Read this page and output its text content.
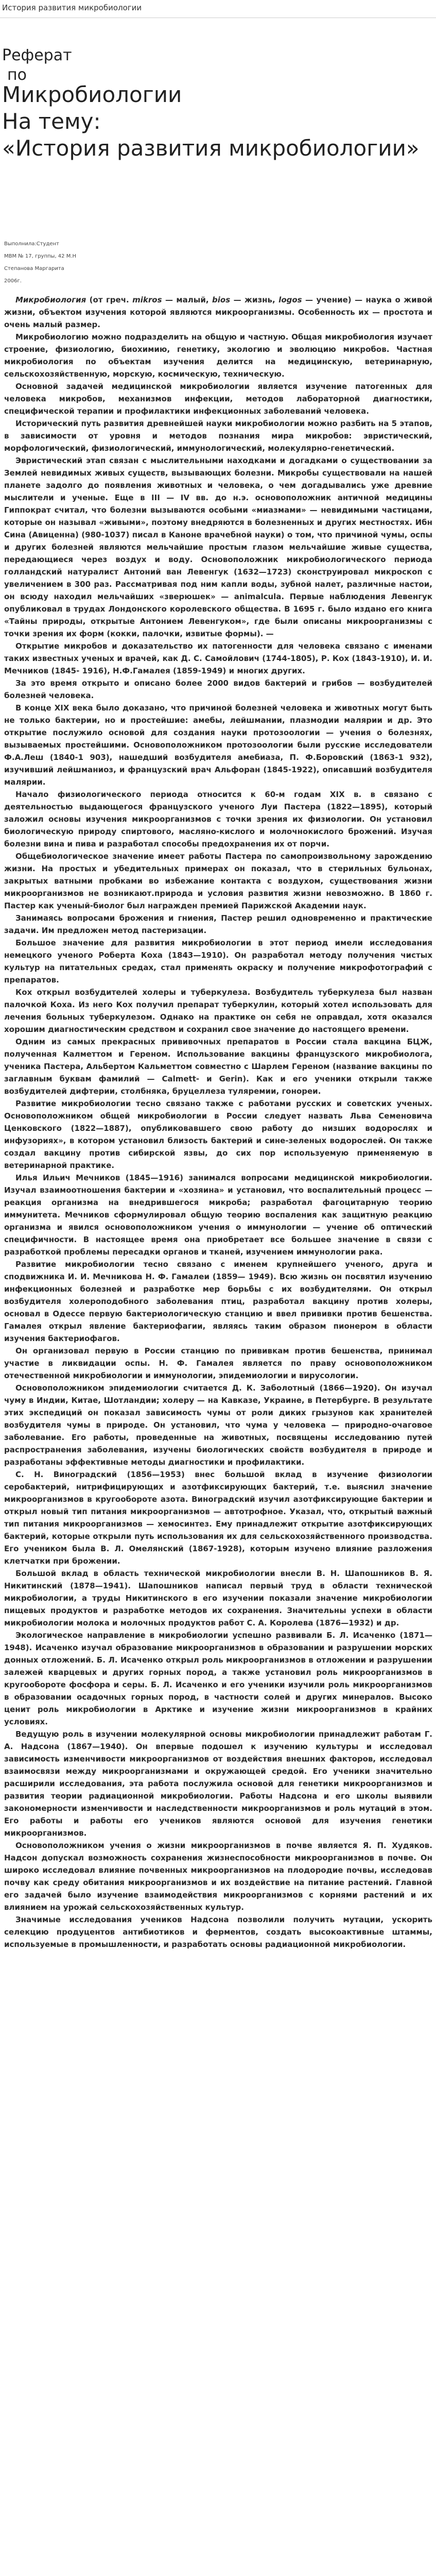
История развития микробиологии
Реферат
по
Микробиологии
На тему:
«История развития микробиологии»
Выполнила:Студент
МВМ № 17, группы, 42 М.Н
Степанова Маргарита
2006г.

Микробиология (от греч. mikros — малый, bios — жизнь, logos — учение) — наука о живой жизни, объектом изучения которой являются микроорганизмы. Особенность их — простота и очень малый размер.

Микробиологию можно подразделить на общую и частную. Общая микробиология изучает строение, физиологию, биохимию, генетику, экологию и эволюцию микробов. Частная микробиология по объектам изучения делится на медицинскую, ветеринарную, сельскохозяйственную, морскую, космическую, техническую.

Основной задачей медицинской микробиологии является изучение патогенных для человека микробов, механизмов инфекции, методов лабораторной диагностики, специфической терапии и профилактики инфекционных заболеваний человека.

Исторический путь развития древнейшей науки микробиологии можно разбить на 5 этапов, в зависимости от уровня и методов познания мира микробов: эвристический, морфологический, физиологический, иммунологический, молекулярно-генетический.

Эвристический этап связан с мыслительными находками и догадками о существовании за Землей невидимых живых существ, вызывающих болезни. Микробы существовали на нашей планете задолго до появления животных и человека, о чем догадывались уже древние мыслители и ученые. Еще в III — IV вв. до н.э. основоположник античной медицины Гиппократ считал, что болезни вызываются особыми «миазмами» — невидимыми частицами, которые он называл «живыми», поэтому внедряются в болезненных и других местностях. Ибн Сина (Авиценна) (980-1037) писал в Каноне врачебной науки) о том, что причиной чумы, оспы и других болезней являются мельчайшие простым глазом мельчайшие живые существа, передающиеся через воздух и воду. Основоположник микробиологического периода голландский натуралист Антоний ван Левенгук (1632—1723) сконструировал микроскоп с увеличением в 300 раз. Рассматривая под ним капли воды, зубной налет, различные настои, он всюду находил мельчайших «зверюшек» — animalcula. Первые наблюдения Левенгук опубликовал в трудах Лондонского королевского общества. В 1695 г. было издано его книга «Тайны природы, открытые Антонием Левенгуком», где были описаны микроорганизмы с точки зрения их форм (кокки, палочки, извитые формы). —

Открытие микробов и доказательство их патогенности для человека связано с именами таких известных ученых и врачей, как Д. С. Самойлович (1744-1805), Р. Кох (1843-1910), И. И. Мечников (1845- 1916), Н.Ф.Гамалея (1859-1949) и многих других.

За это время открыто и описано более 2000 видов бактерий и грибов — возбудителей болезней человека.

В конце XIX века было доказано, что причиной болезней человека и животных могут быть не только бактерии, но и простейшие: амебы, лейшмании, плазмодии малярии и др. Это открытие послужило основой для создания науки протозоологии — учения о болезнях, вызываемых простейшими. Основоположником протозоологии были русские исследователи Ф.А.Леш (1840-1 903), нашедший возбудителя амебиаза, П. Ф.Боровский (1863-1 932), изучивший лейшманиоз, и французский врач Альфоран (1845-1922), описавший возбудителя малярии.

Начало физиологического периода относится к 60-м годам XIX в. в связано с деятельностью выдающегося французского ученого Луи Пастера (1822—1895), который заложил основы изучения микроорганизмов с точки зрения их физиологии. Он установил биологическую природу спиртового, масляно-кислого и молочнокислого брожений. Изучая болезни вина и пива и разработал способы предохранения их от порчи.

Общебиологическое значение имеет работы Пастера по самопроизвольному зарождению жизни. На простых и убедительных примерах он показал, что в стерильных бульонах, закрытых ватными пробками во избежание контакта с воздухом, существования жизни микроорганизмов не возникают.природа и условия развития жизни невозможно. В 1860 г. Пастер как ученый-биолог был награжден премией Парижской Академии наук.

Занимаясь вопросами брожения и гниения, Пастер решил одновременно и практические задачи. Им предложен метод пастеризации.

Большое значение для развития микробиологии в этот период имели исследования немецкого ученого Роберта Коха (1843—1910). Он разработал методу получения чистых культур на питательных средах, стал применять окраску и получение микрофотографий с препаратов.

Кох открыл возбудителей холеры и туберкулеза. Возбудитель туберкулеза был назван палочкой Коха. Из него Кох получил препарат туберкулин, который хотел использовать для лечения больных туберкулезом. Однако на практике он себя не оправдал, хотя оказался хорошим диагностическим средством и сохранил свое значение до настоящего времени.

Одним из самых прекрасных прививочных препаратов в России стала вакцина БЦЖ, полученная Калметтом и Гереном. Использование вакцины французского микробиолога, ученика Пастера, Альбертом Кальметтом совместно с Шарлем Гереном (название вакцины по заглавным буквам фамилий — Calmett- и Gerin). Как и его ученики открыли также возбудителей дифтерии, столбняка, бруцеллеза туляремии, гонореи.

Развитие микробиологии тесно связано также с работами русских и советских ученых. Основоположником общей микробиологии в России следует назвать Льва Семеновича Ценковского (1822—1887), опубликовавшего свою работу до низших водорослях и инфузориях», в котором установил близость бактерий и сине-зеленых водорослей. Он также создал вакцину против сибирской язвы, до сих пор используемую применяемую в ветеринарной практике.

Илья Ильич Мечников (1845—1916) занимался вопросами медицинской микробиологии. Изучал взаимоотношения бактерии и «хозяина» и установил, что воспалительный процесс — реакция организма на внедрившегося микроба; разработал фагоцитарную теорию иммунитета. Мечников сформулировал общую теорию воспаления как защитную реакцию организма и явился основоположником учения о иммунологии — учение об оптический специфичности. В настоящее время она приобретает все большее значение в связи с разработкой проблемы пересадки органов и тканей, изучением иммунологии рака.

Развитие микробиологии тесно связано с именем крупнейшего ученого, друга и сподвижника И. И. Мечникова Н. Ф. Гамалеи (1859— 1949). Всю жизнь он посвятил изучению инфекционных болезней и разработке мер борьбы с их возбудителями. Он открыл возбудителя холероподобного заболевания птиц, разработал вакцину против холеры, основал в Одессе первую бактериологическую станцию и ввел прививки против бешенства. Гамалея открыл явление бактериофагии, являясь таким образом пионером в области изучения бактериофагов.

Он организовал первую в России станцию по прививкам против бешенства, принимал участие в ликвидации оспы. Н. Ф. Гамалея является по праву основоположником отечественной микробиологии и иммунологии, эпидемиологии и вирусологии.

Основоположником эпидемиологии считается Д. К. Заболотный (1866—1920). Он изучал чуму в Индии, Китае, Шотландии; холеру — на Кавказе, Украине, в Петербурге. В результате этих экспедиций он показал зависимость чумы от роли диких грызунов как хранителей возбудителя чумы в природе. Он установил, что чума у человека — природно-очаговое заболевание. Его работы, проведенные на животных, посвящены исследованию путей распространения заболевания, изучены биологических свойств возбудителя в природе и разработаны эффективные методы диагностики и профилактики.

С. Н. Виноградский (1856—1953) внес большой вклад в изучение физиологии серобактерий, нитрифицирующих и азотфиксирующих бактерий, т.е. выяснил значение микроорганизмов в кругообороте азота. Виноградский изучил азотфиксирующие бактерии и открыл новый тип питания микроорганизмов — автотрофное. Указал, что, открытый важный тип питания микроорганизмов — хемосинтез. Ему принадлежит открытие азотфиксирующих бактерий, которые открыли путь использования их для сельскохозяйственного производства. Его учеником была В. Л. Омелянский (1867-1928), которым изучено влияние разложения клетчатки при брожении.

Большой вклад в область технической микробиологии внесли В. Н. Шапошников В. Я. Никитинский (1878—1941). Шапошников написал первый труд в области технической микробиологии, а труды Никитинского в его изучении показали значение микробиологии пищевых продуктов и разработке методов их сохранения. Значительны успехи в области микробиологии молока и молочных продуктов работ С. А. Королева (1876—1932) и др.

Экологическое направление в микробиологии успешно развивали Б. Л. Исаченко (1871—1948). Исаченко изучал образование микроорганизмов в образовании и разрушении морских донных отложений. Б. Л. Исаченко открыл роль микроорганизмов в отложении и разрушении залежей кварцевых и других горных пород, а также установил роль микроорганизмов в кругообороте фосфора и серы. Б. Л. Исаченко и его ученики изучили роль микроорганизмов в образовании осадочных горных пород, в частности солей и других минералов. Высоко ценит роль микробиологии в Арктике и изучение жизни микроорганизмов в крайних условиях.

Ведущую роль в изучении молекулярной основы микробиологии принадлежит работам Г. А. Надсона (1867—1940). Он впервые подошел к изучению культуры и исследовал зависимость изменчивости микроорганизмов от воздействия внешних факторов, исследовал взаимосвязи между микроорганизмами и окружающей средой. Его ученики значительно расширили исследования, эта работа послужила основой для генетики микроорганизмов и развития теории радиационной микробиологии. Работы Надсона и его школы выявили закономерности изменчивости и наследственности микроорганизмов и роль мутаций в этом. Его работы и работы его учеников являются основой для изучения генетики микроорганизмов.

Основоположником учения о жизни микроорганизмов в почве является Я. П. Худяков. Надсон допускал возможность сохранения жизнеспособности микроорганизмов в почве. Он широко исследовал влияние почвенных микроорганизмов на плодородие почвы, исследовав почву как среду обитания микроорганизмов и их воздействие на питание растений. Главной его задачей было изучение взаимодействия микроорганизмов с корнями растений и их влиянием на урожай сельскохозяйственных культур.

Значимые исследования учеников Надсона позволили получить мутации, ускорить селекцию продуцентов антибиотиков и ферментов, создать высокоактивные штаммы, используемые в промышленности, и разработать основы радиационной микробиологии.
